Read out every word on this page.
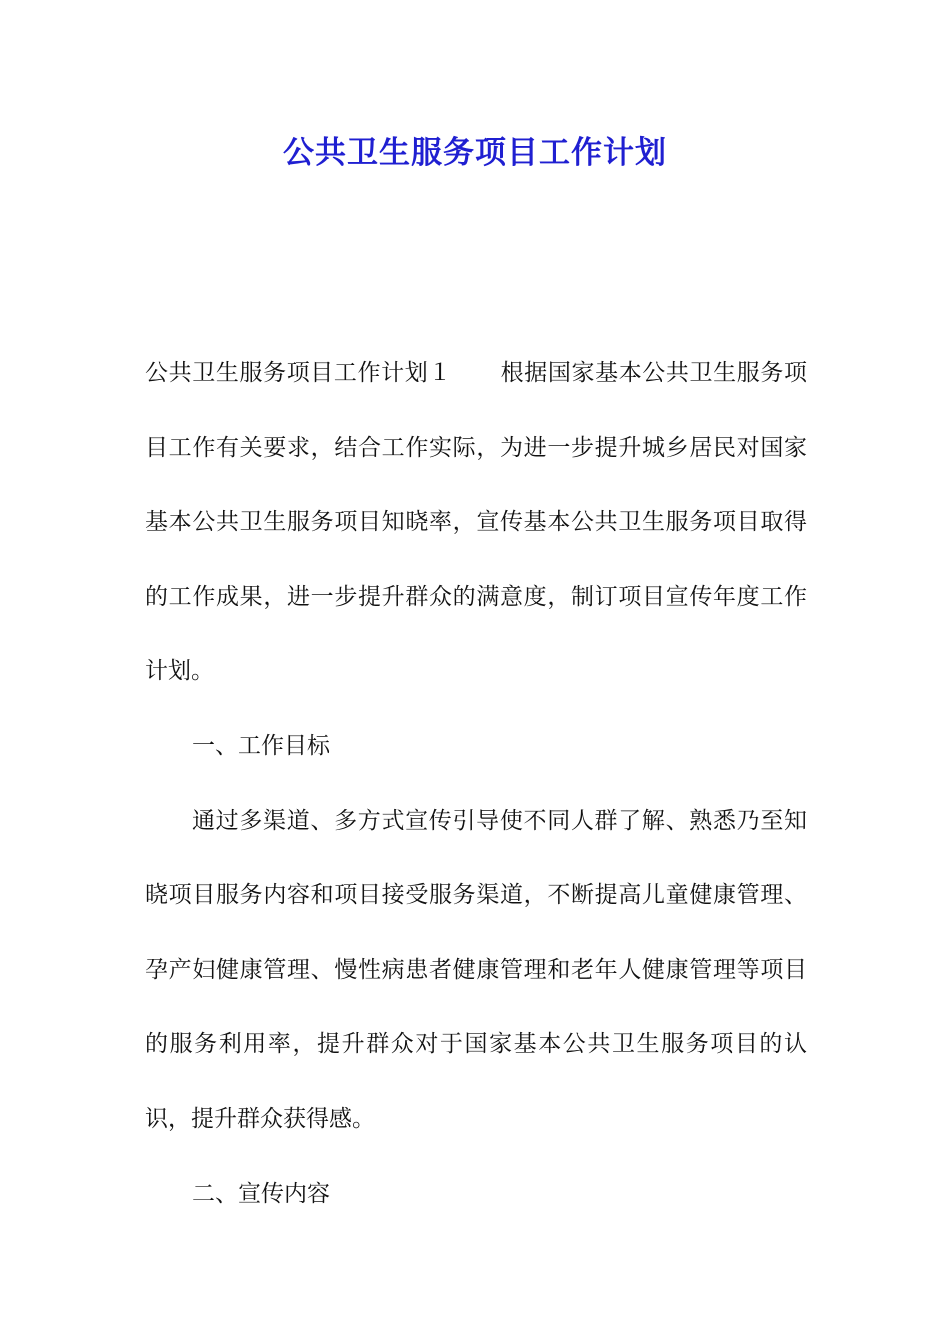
公共卫生服务项目工作计划

公共卫生服务项目工作计划１ 根据国家基本公共卫生服务项目工作有关要求，结合工作实际，为进一步提升城乡居民对国家基本公共卫生服务项目知晓率，宣传基本公共卫生服务项目取得的工作成果，进一步提升群众的满意度，制订项目宣传年度工作计划。

一、工作目标

通过多渠道、多方式宣传引导使不同人群了解、熟悉乃至知晓项目服务内容和项目接受服务渠道，不断提高儿童健康管理、孕产妇健康管理、慢性病患者健康管理和老年人健康管理等项目的服务利用率，提升群众对于国家基本公共卫生服务项目的认识，提升群众获得感。

二、宣传内容
